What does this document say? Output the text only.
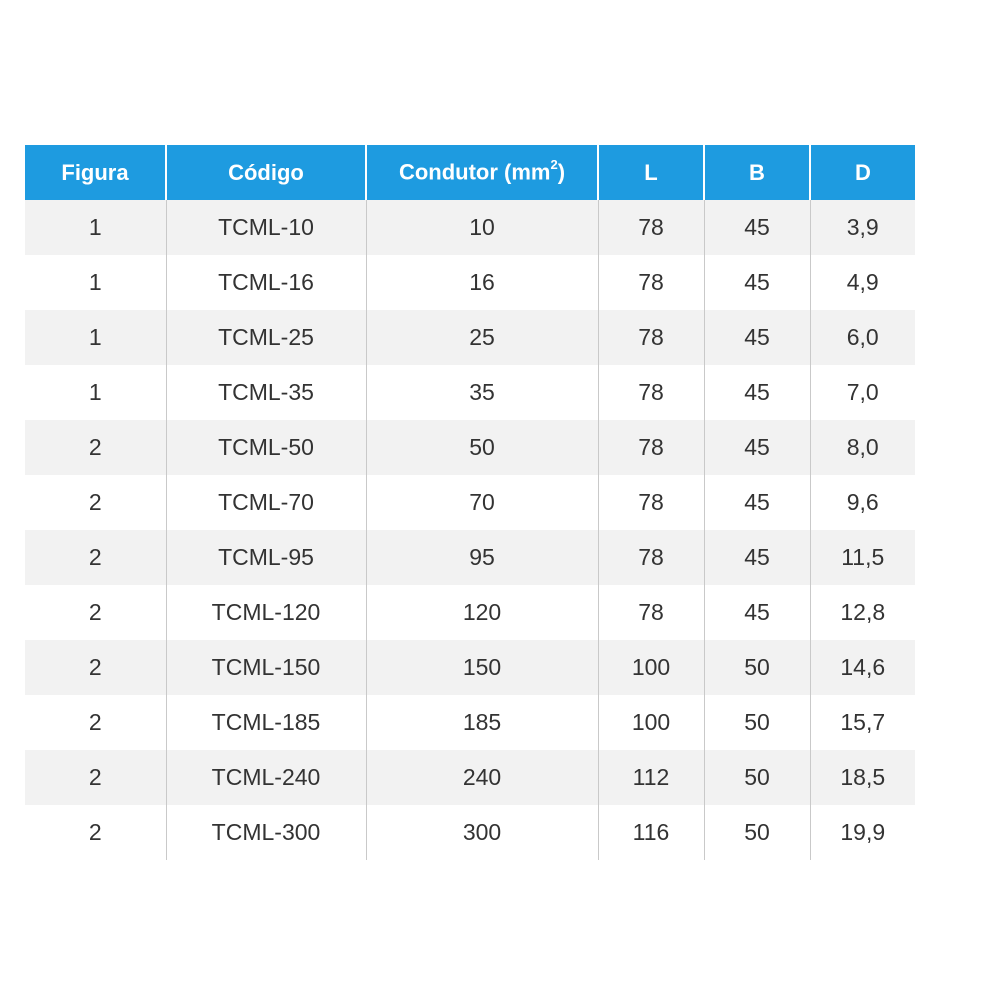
Figura	Código	Condutor $(mm^2)$	L	B	D
1	TCML-10	10	78	45	3,9
1	TCML-16	16	78	45	4,9
1	TCML-25	25	78	45	6,0
1	TCML-35	35	78	45	7,0
2	TCML-50	50	78	45	8,0
2	TCML-70	70	78	45	9,6
2	TCML-95	95	78	45	11,5
2	TCML-120	120	78	45	12,8
2	TCML-150	150	100	50	14,6
2	TCML-185	185	100	50	15,7
2	TCML-240	240	112	50	18,5
2	TCML-300	300	116	50	19,9
